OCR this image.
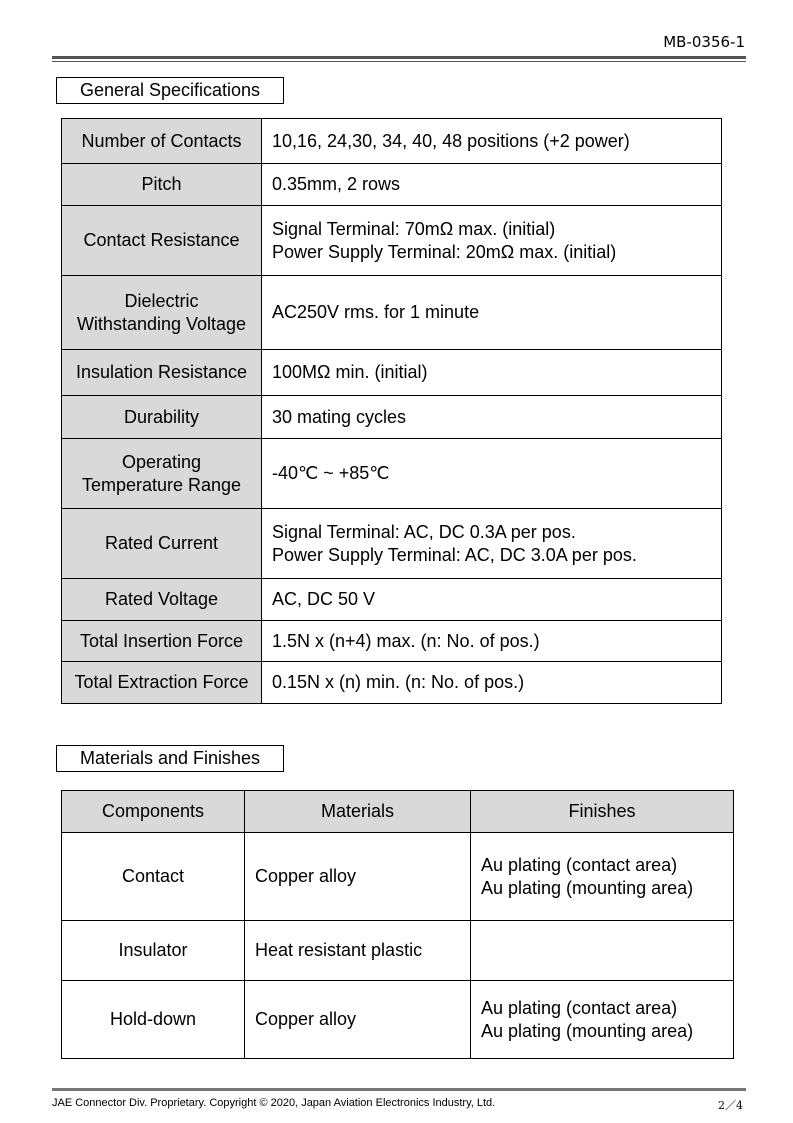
MB-0356-1
General Specifications
Number of Contacts	10,16, 24,30, 34, 40, 48 positions (+2 power)
Pitch	0.35mm, 2 rows
Contact Resistance	Signal Terminal: 70mΩ max. (initial)
Power Supply Terminal: 20mΩ max. (initial)

Dielectric
Withstanding Voltage	AC250V rms. for 1 minute
Insulation Resistance	100MΩ min. (initial)
Durability	30 mating cycles

Operating
Temperature Range	-40℃ ~ +85℃
Rated Current	Signal Terminal: AC, DC 0.3A per pos.
Power Supply Terminal: AC, DC 3.0A per pos.

Rated Voltage	AC, DC 50 V
Total Insertion Force	1.5N x (n+4) max. (n: No. of pos.)
Total Extraction Force	0.15N x (n) min. (n: No. of pos.)
Materials and Finishes
Components	Materials	Finishes
Contact	Copper alloy	Au plating (contact area)
Au plating (mounting area)

Insulator	Heat resistant plastic	
Hold-down	Copper alloy	Au plating (contact area)
Au plating (mounting area)
JAE Connector Div. Proprietary. Copyright © 2020, Japan Aviation Electronics Industry, Ltd.	2／4
